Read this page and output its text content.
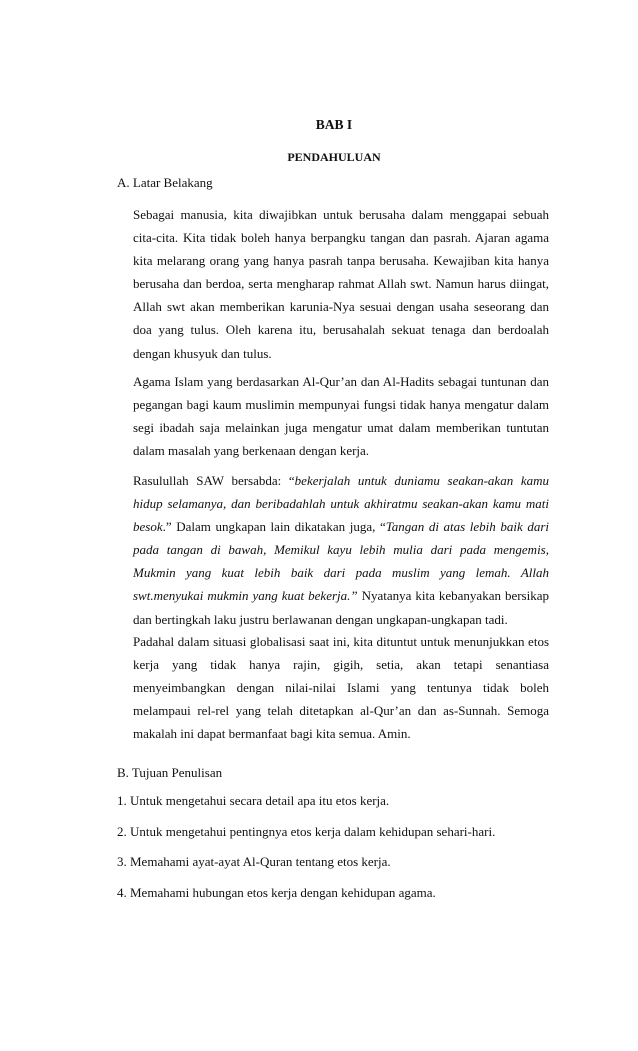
BAB I
PENDAHULUAN
A. Latar Belakang
Sebagai manusia, kita diwajibkan untuk berusaha dalam menggapai sebuah cita-cita. Kita tidak boleh hanya berpangku tangan dan pasrah. Ajaran agama kita melarang orang yang hanya pasrah tanpa berusaha. Kewajiban kita hanya berusaha dan berdoa, serta mengharap rahmat Allah swt. Namun harus diingat, Allah swt akan memberikan karunia-Nya sesuai dengan usaha seseorang dan doa yang tulus. Oleh karena itu, berusahalah sekuat tenaga dan berdoalah dengan khusyuk dan tulus.
Agama Islam yang berdasarkan Al-Qur’an dan Al-Hadits sebagai tuntunan dan pegangan bagi kaum muslimin mempunyai fungsi tidak hanya mengatur dalam segi ibadah saja melainkan juga mengatur umat dalam memberikan tuntutan dalam masalah yang berkenaan dengan kerja.
Rasulullah SAW bersabda: “bekerjalah untuk duniamu seakan-akan kamu hidup selamanya, dan beribadahlah untuk akhiratmu seakan-akan kamu mati besok.” Dalam ungkapan lain dikatakan juga, “Tangan di atas lebih baik dari pada tangan di bawah, Memikul kayu lebih mulia dari pada mengemis, Mukmin yang kuat lebih baik dari pada muslim yang lemah. Allah swt.menyukai mukmin yang kuat bekerja.” Nyatanya kita kebanyakan bersikap dan bertingkah laku justru berlawanan dengan ungkapan-ungkapan tadi.
Padahal dalam situasi globalisasi saat ini, kita dituntut untuk menunjukkan etos kerja yang tidak hanya rajin, gigih, setia, akan tetapi senantiasa menyeimbangkan dengan nilai-nilai Islami yang tentunya tidak boleh melampaui rel-rel yang telah ditetapkan al-Qur’an dan as-Sunnah. Semoga makalah ini dapat bermanfaat bagi kita semua. Amin.
B. Tujuan Penulisan
1. Untuk mengetahui secara detail apa itu etos kerja.
2. Untuk mengetahui pentingnya etos kerja dalam kehidupan sehari-hari.
3. Memahami ayat-ayat Al-Quran tentang etos kerja.
4. Memahami hubungan etos kerja dengan kehidupan agama.
